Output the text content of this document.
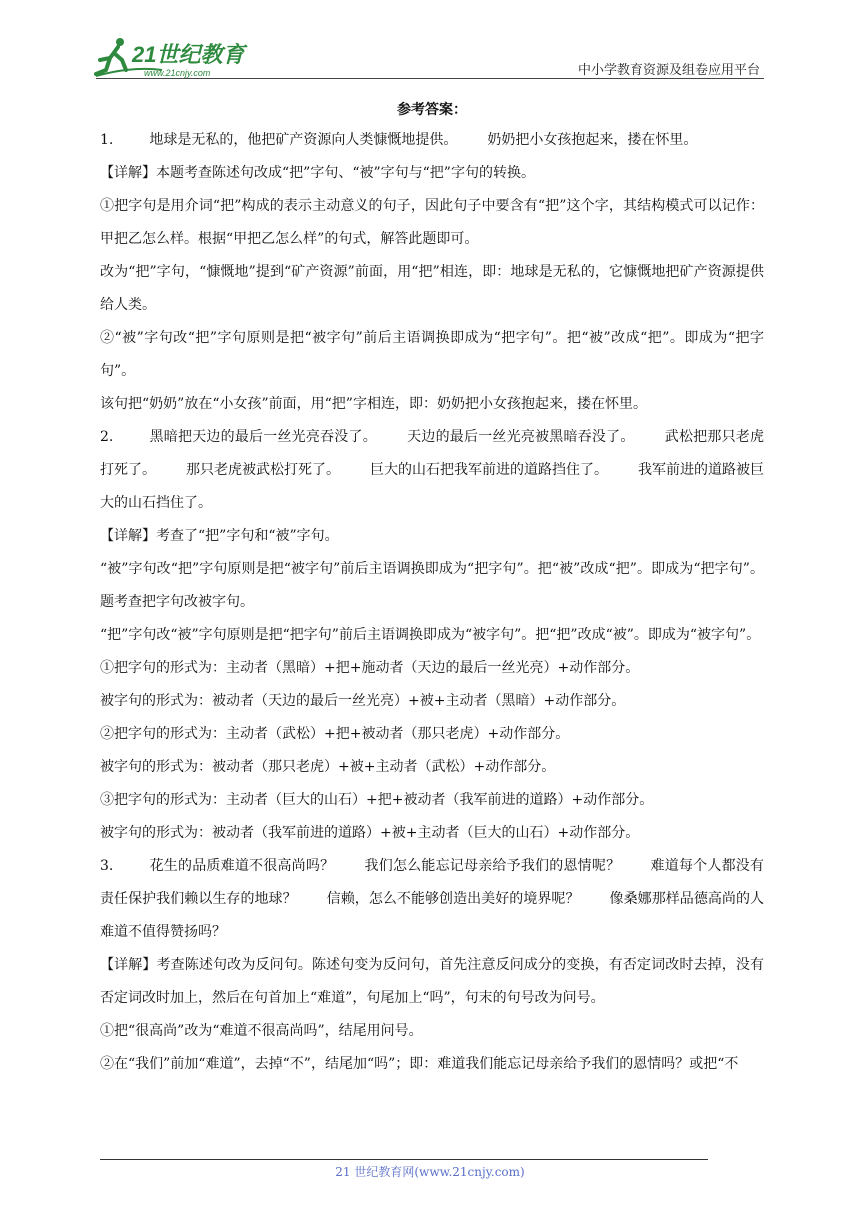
21世纪教育
www.21cnjy.com	中小学教育资源及组卷应用平台
参考答案：

1.	地球是无私的，他把矿产资源向人类慷慨地提供。 奶奶把小女孩抱起来，搂在怀里。

【详解】本题考查陈述句改成“把”字句、“被”字句与“把”字句的转换。

①把字句是用介词“把”构成的表示主动意义的句子，因此句子中要含有“把”这个字，其结构模式可以记作：甲把乙怎么样。根据“甲把乙怎么样”的句式，解答此题即可。

改为“把”字句，“慷慨地”提到“矿产资源”前面，用“把”相连，即：地球是无私的，它慷慨地把矿产资源提供给人类。

②“被”字句改“把”字句原则是把“被字句”前后主语调换即成为“把字句”。把“被”改成“把”。即成为“把字句”。

该句把“奶奶”放在“小女孩”前面，用“把”字相连，即：奶奶把小女孩抱起来，搂在怀里。

2.	黑暗把天边的最后一丝光亮吞没了。 天边的最后一丝光亮被黑暗吞没了。 武松把那只老虎打死了。 那只老虎被武松打死了。 巨大的山石把我军前进的道路挡住了。 我军前进的道路被巨大的山石挡住了。

【详解】考查了“把”字句和“被”字句。

“被”字句改“把”字句原则是把“被字句”前后主语调换即成为“把字句”。把“被”改成“把”。即成为“把字句”。题考查把字句改被字句。

“把”字句改“被”字句原则是把“把字句”前后主语调换即成为“被字句”。把“把”改成“被”。即成为“被字句”。

①把字句的形式为：主动者（黑暗）+把+施动者（天边的最后一丝光亮）+动作部分。

被字句的形式为：被动者（天边的最后一丝光亮）+被+主动者（黑暗）+动作部分。

②把字句的形式为：主动者（武松）+把+被动者（那只老虎）+动作部分。

被字句的形式为：被动者（那只老虎）+被+主动者（武松）+动作部分。

③把字句的形式为：主动者（巨大的山石）+把+被动者（我军前进的道路）+动作部分。

被字句的形式为：被动者（我军前进的道路）+被+主动者（巨大的山石）+动作部分。

3.	花生的品质难道不很高尚吗？ 我们怎么能忘记母亲给予我们的恩情呢？ 难道每个人都没有责任保护我们赖以生存的地球？ 信赖，怎么不能够创造出美好的境界呢？ 像桑娜那样品德高尚的人难道不值得赞扬吗？

【详解】考查陈述句改为反问句。陈述句变为反问句，首先注意反问成分的变换，有否定词改时去掉，没有否定词改时加上，然后在句首加上“难道”，句尾加上“吗”，句末的句号改为问号。

①把“很高尚”改为“难道不很高尚吗”，结尾用问号。

②在“我们”前加“难道”，去掉“不”，结尾加“吗”；即：难道我们能忘记母亲给予我们的恩情吗？或把“不

21 世纪教育网(www.21cnjy.com)
